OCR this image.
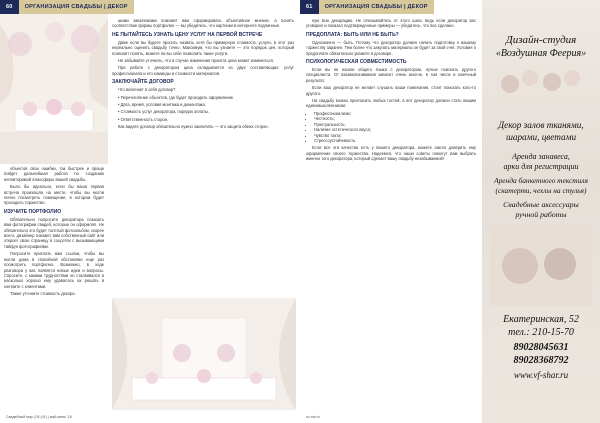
60	ОРГАНИЗАЦИЯ СВАДЬБЫ | ДЕКОР

объектов свои ошибки, так быстрее и проще пойдет дальнейшая работа по созданию неповторимой атмосферы вашей свадьбы.

Было бы идеально, если бы ваша первая встреча произошла на месте, чтобы вы могли лично посмотреть помещение, в котором будет проходить торжество.

ИЗУЧИТЕ ПОРТФОЛИО

Обязательно попросите декоратора показать вам фотографии свадеб, которые он оформлял. Не обязательно это будет толстый фотоальбом, скорее всего, дизайнер покажет вам собственный сайт или откроет свою страницу в соцсетях с вызывающими тайфун фотографиями.

Попросите прислать вам ссылки, чтобы вы могли дома в спокойной обстановке еще раз посмотреть портфолио. Возможно, в ходе разговора у вас появятся новые идеи и вопросы. Спросите, с какими трудностями он сталкивался и насколько хорошо ему удавалось их решать в контакте с клиентами.

Также уточните стоимость декора.

шими заказчиками поможет вам сформировать объективное мнение, а понять соответствие формы портфолио — вы убедитесь, что картинки в интернете подлинные.

НЕ ПЫТАЙТЕСЬ УЗНАТЬ ЦЕНУ УСЛУГ НА ПЕРВОЙ ВСТРЕЧЕ

Даже если вы будете просить назвать хотя бы примерную стоимость услуги, в этот раз нереально оценить свадьбу точно. Максимум, что вы узнаете — это порядок цен, который позволит понять, можете ли вы себе позволить такие услуги.

Не забывайте уточнить, что в случае изменения проекта цена может измениться.

При работе с декоратором цена складывается из двух составляющих: услуг профессионала и его команды и стоимости материалов.

ЗАКЛЮЧАЙТЕ ДОГОВОР

Что включает в себя договор?

• Перечисление объектов, где будет проходить оформление.

• Дата, время, условия монтажа и демонтажа.

• Стоимость услуг декоратора, порядок оплаты.

• Ответственность сторон.

Как видите договор обязательно нужно заключать — это защита обеих сторон.

Свадебный мир | 05 (41) | май-июнь '18
61	ОРГАНИЗАЦИЯ СВАДЬБЫ | ДЕКОР

ную всю декорацию. Не отказывайтесь от этого шага, ведь если декоратор вас уговорил и показал подтвержденные примеры — убедитесь, что все сделано.

ПРЕДОПЛАТА: БЫТЬ ИЛИ НЕ БЫТЬ?

Однозначно — быть. Потому что декоратор должен начать подготовку к вашему торжеству заранее. Тем более что закупать материалы он будет за свой счет. Условия о предоплате обязательно укажите в договоре.

ПСИХОЛОГИЧЕСКАЯ СОВМЕСТИМОСТЬ

Если вы не нашли общего языка с декоратором, лучше поискать другого специалиста. От взаимопонимания зависит очень многое, в том числе и конечный результат.

Если ваш декоратор не желает слушать ваши пожелания, стоит поискать кого-то другого.

На свадьбу можно пригласить любых гостей, а вот декоратор должен стать вашим единомышленником:

• Профессионализм;
• Честность;
• Пунктуальность;
• Наличие эстетического вкуса;
• Чувство такта;
• Стрессоустойчивость.

Если все эти качества есть у вашего декоратора, можете смело доверить ему оформление своего торжества. Надеемся, что наши советы помогут вам выбрать именно того декоратора, который сделает вашу свадьбу незабываемой!

Дизайн-студия
«Воздушная Феерия»
Декор залов тканями,
шарами, цветами
Аренда занавеса,
арки для регистрации
Аренда банкетного текстиля
(скатерти, чехлы на стулья)
Свадебные аксессуары
ручной работы
Екатеринская, 52
тел.: 210-15-70
89028045631
89028368792
www.vf-shar.ru
sv-mir.ru
